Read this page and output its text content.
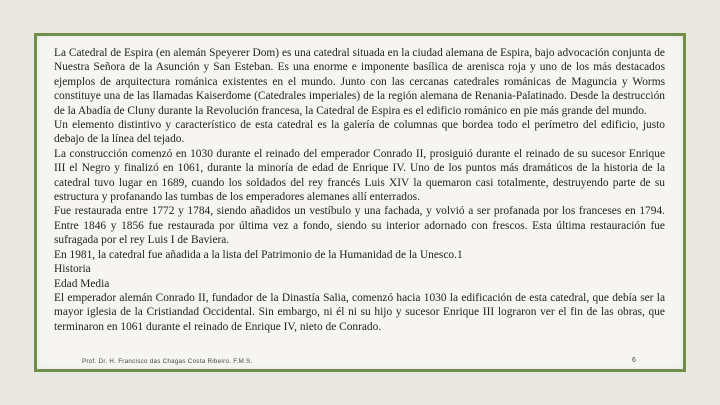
La Catedral de Espira (en alemán Speyerer Dom) es una catedral situada en la ciudad alemana de Espira, bajo advocación conjunta de Nuestra Señora de la Asunción y San Esteban. Es una enorme e imponente basílica de arenisca roja y uno de los más destacados ejemplos de arquitectura románica existentes en el mundo. Junto con las cercanas catedrales románicas de Maguncia y Worms constituye una de las llamadas Kaiserdome (Catedrales imperiales) de la región alemana de Renania-Palatinado. Desde la destrucción de la Abadía de Cluny durante la Revolución francesa, la Catedral de Espira es el edificio románico en pie más grande del mundo.

Un elemento distintivo y característico de esta catedral es la galería de columnas que bordea todo el perímetro del edificio, justo debajo de la línea del tejado.

La construcción comenzó en 1030 durante el reinado del emperador Conrado II, prosiguió durante el reinado de su sucesor Enrique III el Negro y finalizó en 1061, durante la minoría de edad de Enrique IV. Uno de los puntos más dramáticos de la historia de la catedral tuvo lugar en 1689, cuando los soldados del rey francés Luis XIV la quemaron casi totalmente, destruyendo parte de su estructura y profanando las tumbas de los emperadores alemanes allí enterrados.

Fue restaurada entre 1772 y 1784, siendo añadidos un vestíbulo y una fachada, y volvió a ser profanada por los franceses en 1794. Entre 1846 y 1856 fue restaurada por última vez a fondo, siendo su interior adornado con frescos. Esta última restauración fue sufragada por el rey Luis I de Baviera.

En 1981, la catedral fue añadida a la lista del Patrimonio de la Humanidad de la Unesco.1

Historia

Edad Media

El emperador alemán Conrado II, fundador de la Dinastía Salia, comenzó hacia 1030 la edificación de esta catedral, que debía ser la mayor iglesia de la Cristiandad Occidental. Sin embargo, ni él ni su hijo y sucesor Enrique III lograron ver el fin de las obras, que terminaron en 1061 durante el reinado de Enrique IV, nieto de Conrado.

Prof. Dr. H. Francisco das Chagas Costa Ribeiro. F.M.S.	6
